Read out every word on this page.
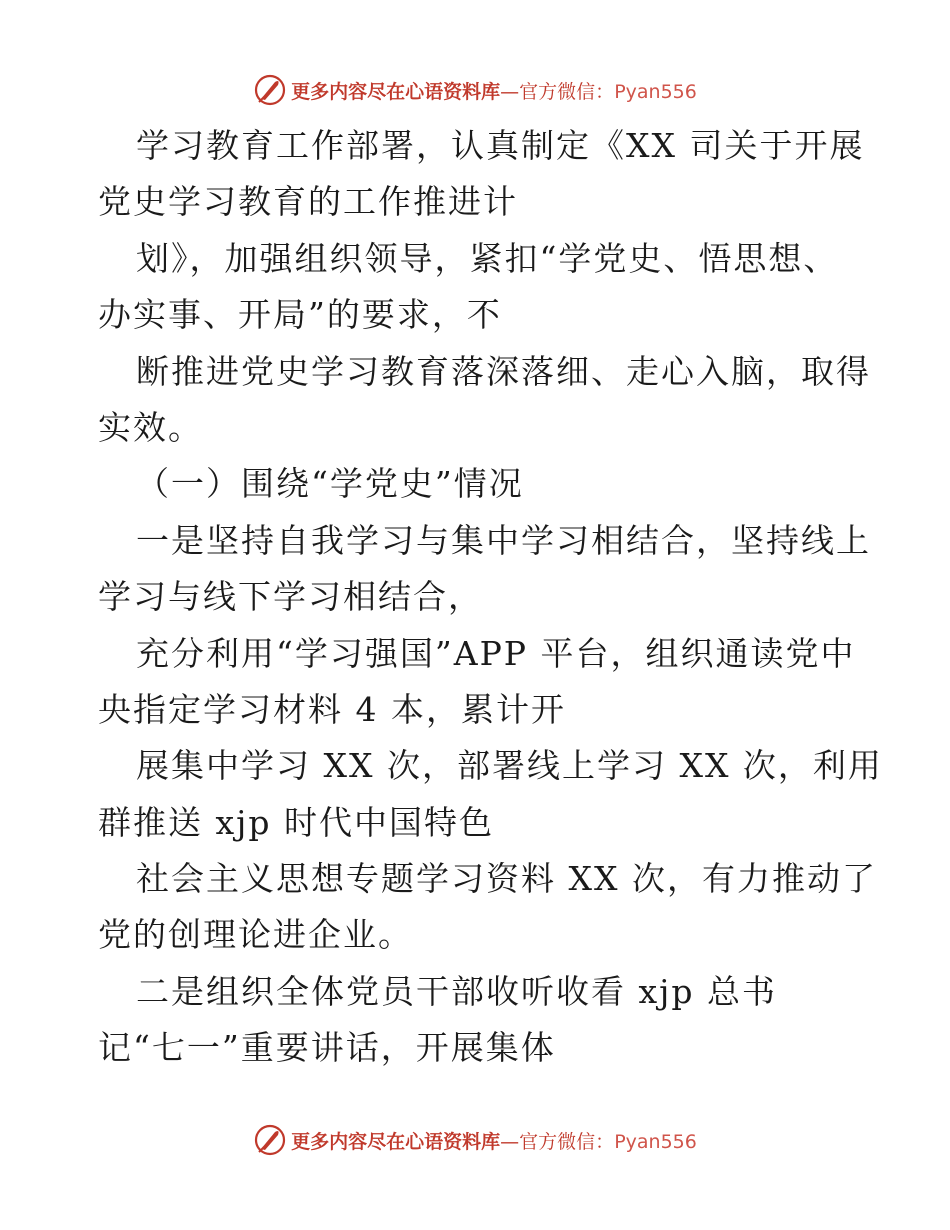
更多内容尽在心语资料库—官方微信：Pyan556
学习教育工作部署，认真制定《XX 司关于开展
党史学习教育的工作推进计
划》，加强组织领导，紧扣“学党史、悟思想、
办实事、开局”的要求，不
断推进党史学习教育落深落细、走心入脑，取得
实效。
（一）围绕“学党史”情况
一是坚持自我学习与集中学习相结合，坚持线上
学习与线下学习相结合，
充分利用“学习强国”APP 平台，组织通读党中
央指定学习材料 4 本，累计开
展集中学习 XX 次，部署线上学习 XX 次，利用
群推送 xjp 时代中国特色
社会主义思想专题学习资料 XX 次，有力推动了
党的创理论进企业。
二是组织全体党员干部收听收看 xjp 总书
记“七一”重要讲话，开展集体
更多内容尽在心语资料库—官方微信：Pyan556
